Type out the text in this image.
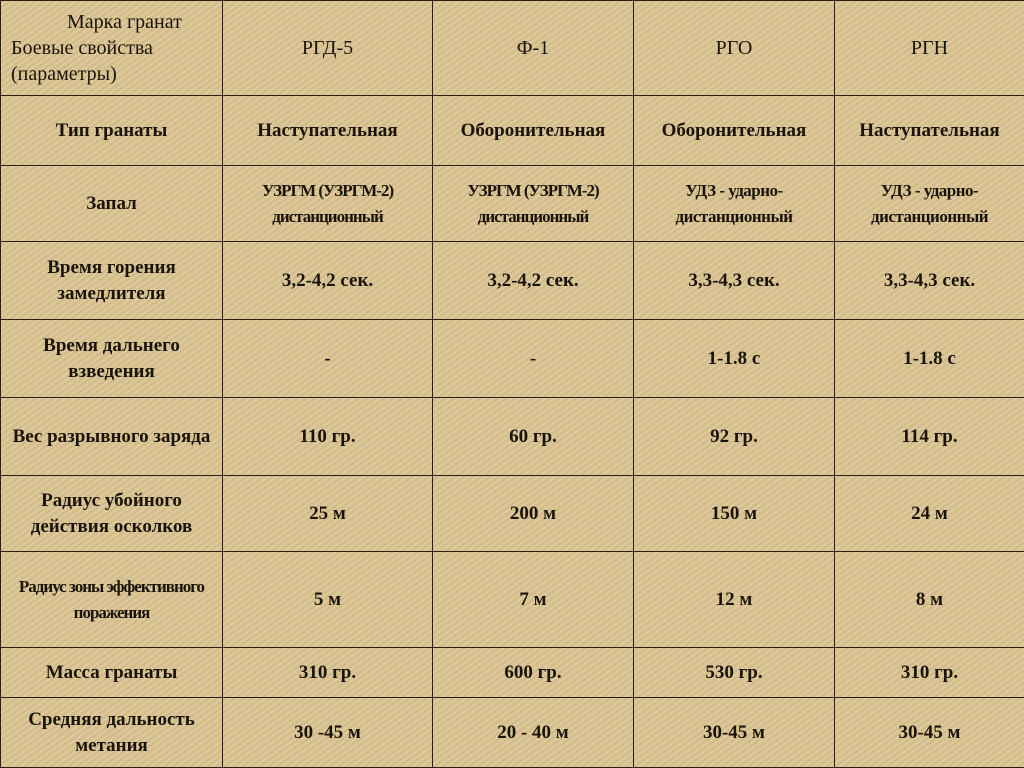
Марка гранат
Боевые свойства
(параметры)	РГД-5	Ф-1	РГО	РГН
Тип гранаты	Наступательная	Оборонительная	Оборонительная	Наступательная
Запал	УЗРГМ (УЗРГМ-2) дистанционный	УЗРГМ (УЗРГМ-2) дистанционный	УДЗ - ударно-дистанционный	УДЗ - ударно-дистанционный
Время горения замедлителя	3,2-4,2 сек.	3,2-4,2 сек.	3,3-4,3 сек.	3,3-4,3 сек.
Время дальнего взведения	-	-	1-1.8 с	1-1.8 с
Вес разрывного заряда	110 гр.	60 гр.	92 гр.	114 гр.
Радиус убойного действия осколков	25 м	200 м	150 м	24 м
Радиус зоны эффективного поражения	5 м	7 м	12 м	8 м
Масса гранаты	310 гр.	600 гр.	530 гр.	310 гр.
Средняя дальность метания	30 -45 м	20 - 40 м	30-45 м	30-45 м
